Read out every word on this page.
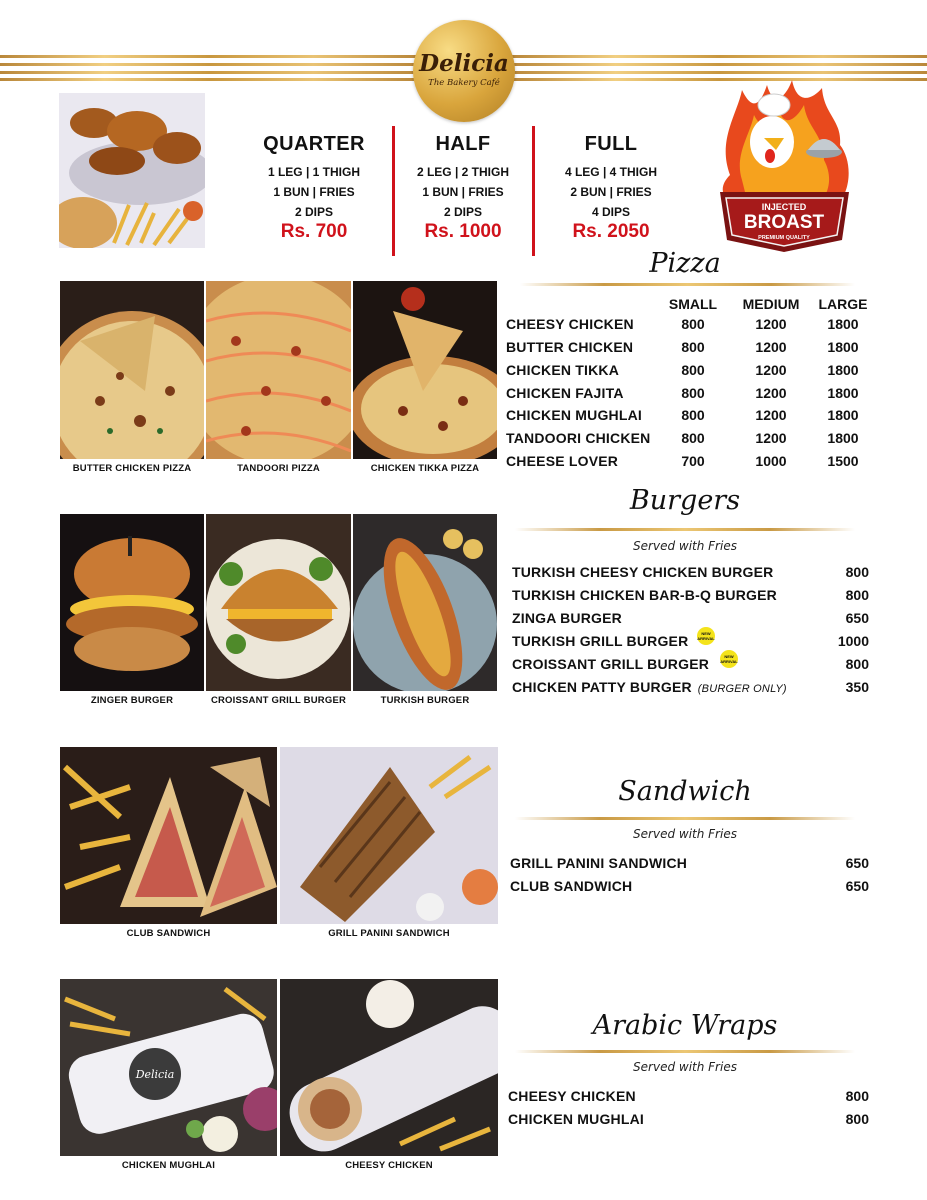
Delicia
The Bakery Café
QUARTER
1 LEG | 1 THIGH
1 BUN | FRIES
2 DIPS
Rs. 700
HALF
2 LEG | 2 THIGH
1 BUN | FRIES
2 DIPS
Rs. 1000
FULL
4 LEG | 4 THIGH
2 BUN | FRIES
4 DIPS
Rs. 2050
INJECTED
BROAST
PREMIUM QUALITY
Pizza
BUTTER CHICKEN PIZZA	TANDOORI PIZZA	CHICKEN TIKKA PIZZA
SMALL	MEDIUM	LARGE
CHEESY CHICKEN	800	1200	1800
BUTTER CHICKEN	800	1200	1800
CHICKEN TIKKA	800	1200	1800
CHICKEN FAJITA	800	1200	1800
CHICKEN MUGHLAI	800	1200	1800
TANDOORI CHICKEN	800	1200	1800
CHEESE LOVER	700	1000	1500
ZINGER BURGER	CROISSANT GRILL BURGER	TURKISH BURGER
Burgers
Served with Fries
TURKISH CHEESY CHICKEN BURGER	800
TURKISH CHICKEN BAR-B-Q BURGER	800
ZINGA BURGER	650
TURKISH GRILL BURGER	NEW ARRIVAL	1000
CROISSANT GRILL BURGER	NEW ARRIVAL	800
CHICKEN PATTY BURGER (BURGER ONLY)	350
CLUB SANDWICH	GRILL PANINI SANDWICH
Sandwich
Served with Fries
GRILL PANINI SANDWICH	650
CLUB SANDWICH	650
Delicia
CHICKEN MUGHLAI	CHEESY CHICKEN
Arabic Wraps
Served with Fries
CHEESY CHICKEN	800
CHICKEN MUGHLAI	800
